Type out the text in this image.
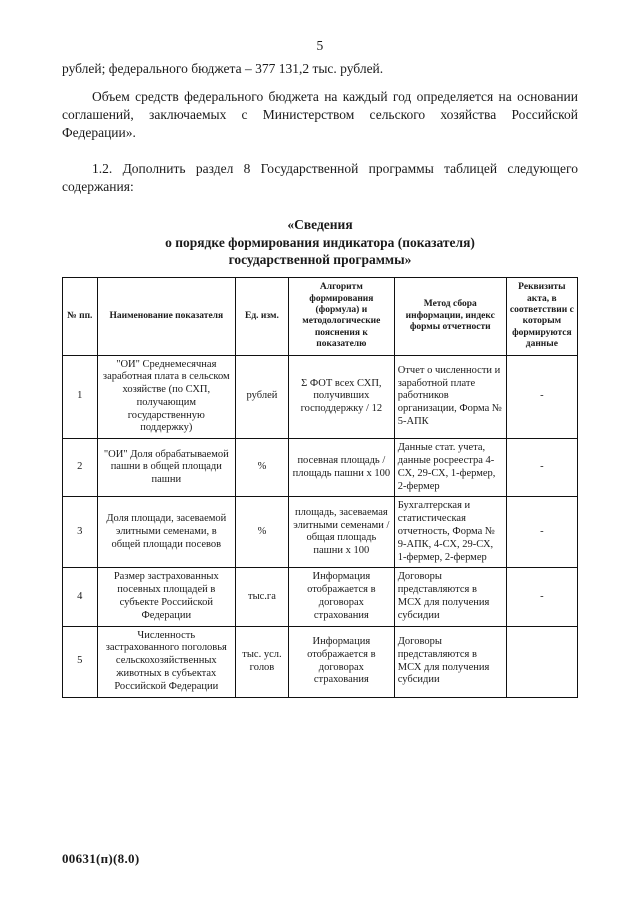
5
рублей; федерального бюджета – 377 131,2 тыс. рублей.
Объем средств федерального бюджета на каждый год определяется на основании соглашений, заключаемых с Министерством сельского хозяйства Российской Федерации».
1.2. Дополнить раздел 8 Государственной программы таблицей следующего содержания:
«Сведения
о порядке формирования индикатора (показателя)
государственной программы»
№ пп.	Наименование показателя	Ед. изм.	Алгоритм формирования (формула) и методологические пояснения к показателю	Метод сбора информации, индекс формы отчетности	Реквизиты акта, в соответствии с которым формируются данные
1	"ОИ" Среднемесячная заработная плата в сельском хозяйстве (по СХП, получающим государственную поддержку)	рублей	Σ ФОТ всех СХП, получивших господдержку / 12	Отчет о численности и заработной плате работников организации, Форма № 5-АПК	-
2	"ОИ" Доля обрабатываемой пашни в общей площади пашни	%	посевная площадь / площадь пашни х 100	Данные стат. учета, данные росреестра 4-СХ, 29-СХ, 1-фермер, 2-фермер	-
3	Доля площади, засеваемой элитными семенами, в общей площади посевов	%	площадь, засеваемая элитными семенами / общая площадь пашни х 100	Бухгалтерская и статистическая отчетность, Форма № 9-АПК, 4-СХ, 29-СХ, 1-фермер, 2-фермер	-
4	Размер застрахованных посевных площадей в субъекте Российской Федерации	тыс.га	Информация отображается в договорах страхования	Договоры представляются в МСХ для получения субсидии	-
5	Численность застрахованного поголовья сельскохозяйственных животных в субъектах Российской Федерации	тыс. усл. голов	Информация отображается в договорах страхования	Договоры представляются в МСХ для получения субсидии	
00631(п)(8.0)
